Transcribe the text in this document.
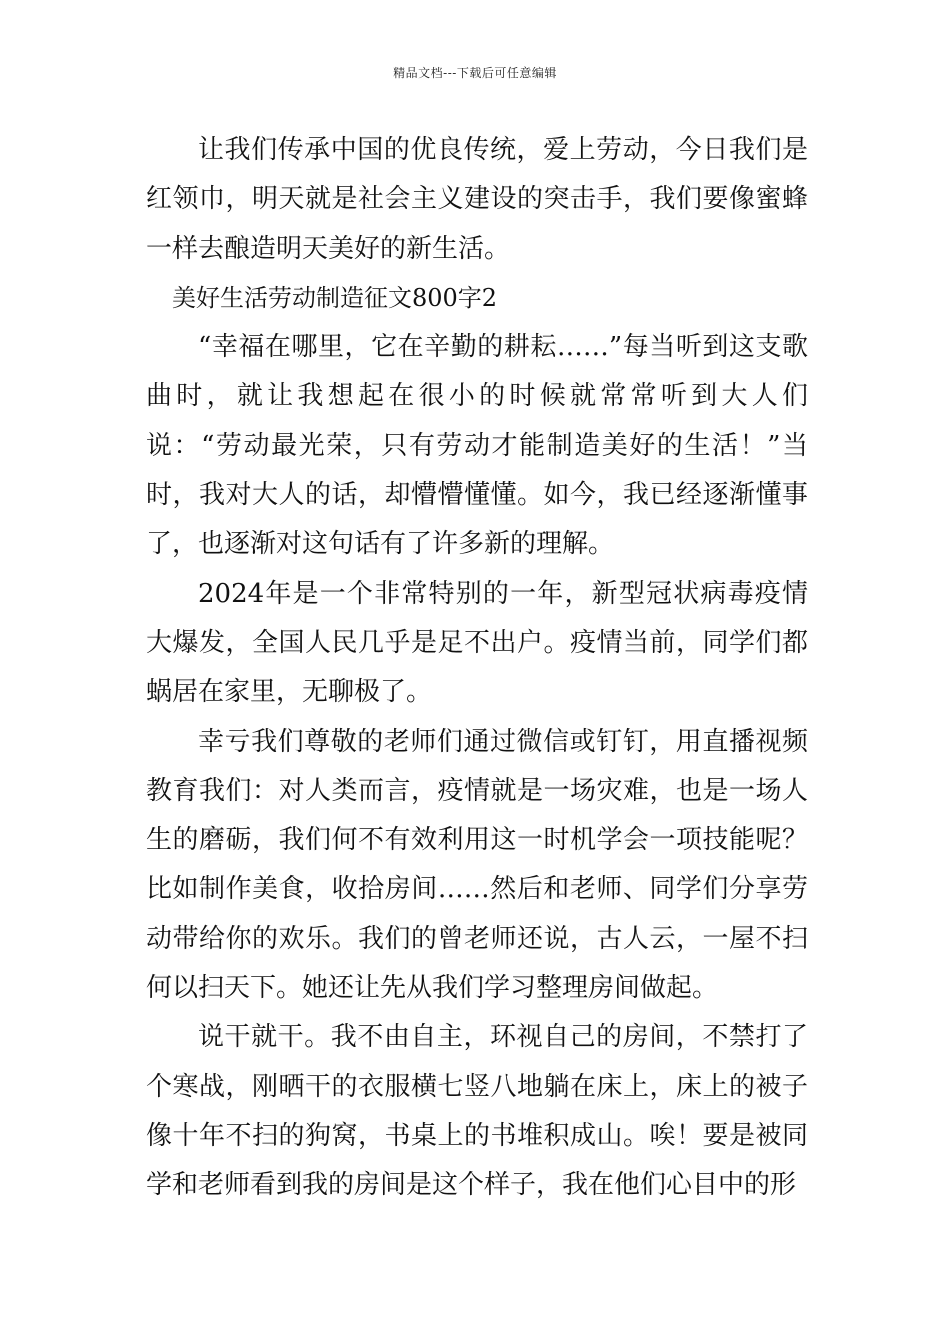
精品文档---下载后可任意编辑

让我们传承中国的优良传统，爱上劳动，今日我们是红领巾，明天就是社会主义建设的突击手，我们要像蜜蜂一样去酿造明天美好的新生活。

美好生活劳动制造征文800字2

“幸福在哪里，它在辛勤的耕耘……”每当听到这支歌曲时，就让我想起在很小的时候就常常听到大人们说：“劳动最光荣，只有劳动才能制造美好的生活！”当时，我对大人的话，却懵懵懂懂。如今，我已经逐渐懂事了，也逐渐对这句话有了许多新的理解。

2024年是一个非常特别的一年，新型冠状病毒疫情大爆发，全国人民几乎是足不出户。疫情当前，同学们都蜗居在家里，无聊极了。

幸亏我们尊敬的老师们通过微信或钉钉，用直播视频教育我们：对人类而言，疫情就是一场灾难，也是一场人生的磨砺，我们何不有效利用这一时机学会一项技能呢？比如制作美食，收拾房间……然后和老师、同学们分享劳动带给你的欢乐。我们的曾老师还说，古人云，一屋不扫何以扫天下。她还让先从我们学习整理房间做起。

说干就干。我不由自主，环视自己的房间，不禁打了个寒战，刚晒干的衣服横七竖八地躺在床上，床上的被子像十年不扫的狗窝，书桌上的书堆积成山。唉！要是被同学和老师看到我的房间是这个样子，我在他们心目中的形
